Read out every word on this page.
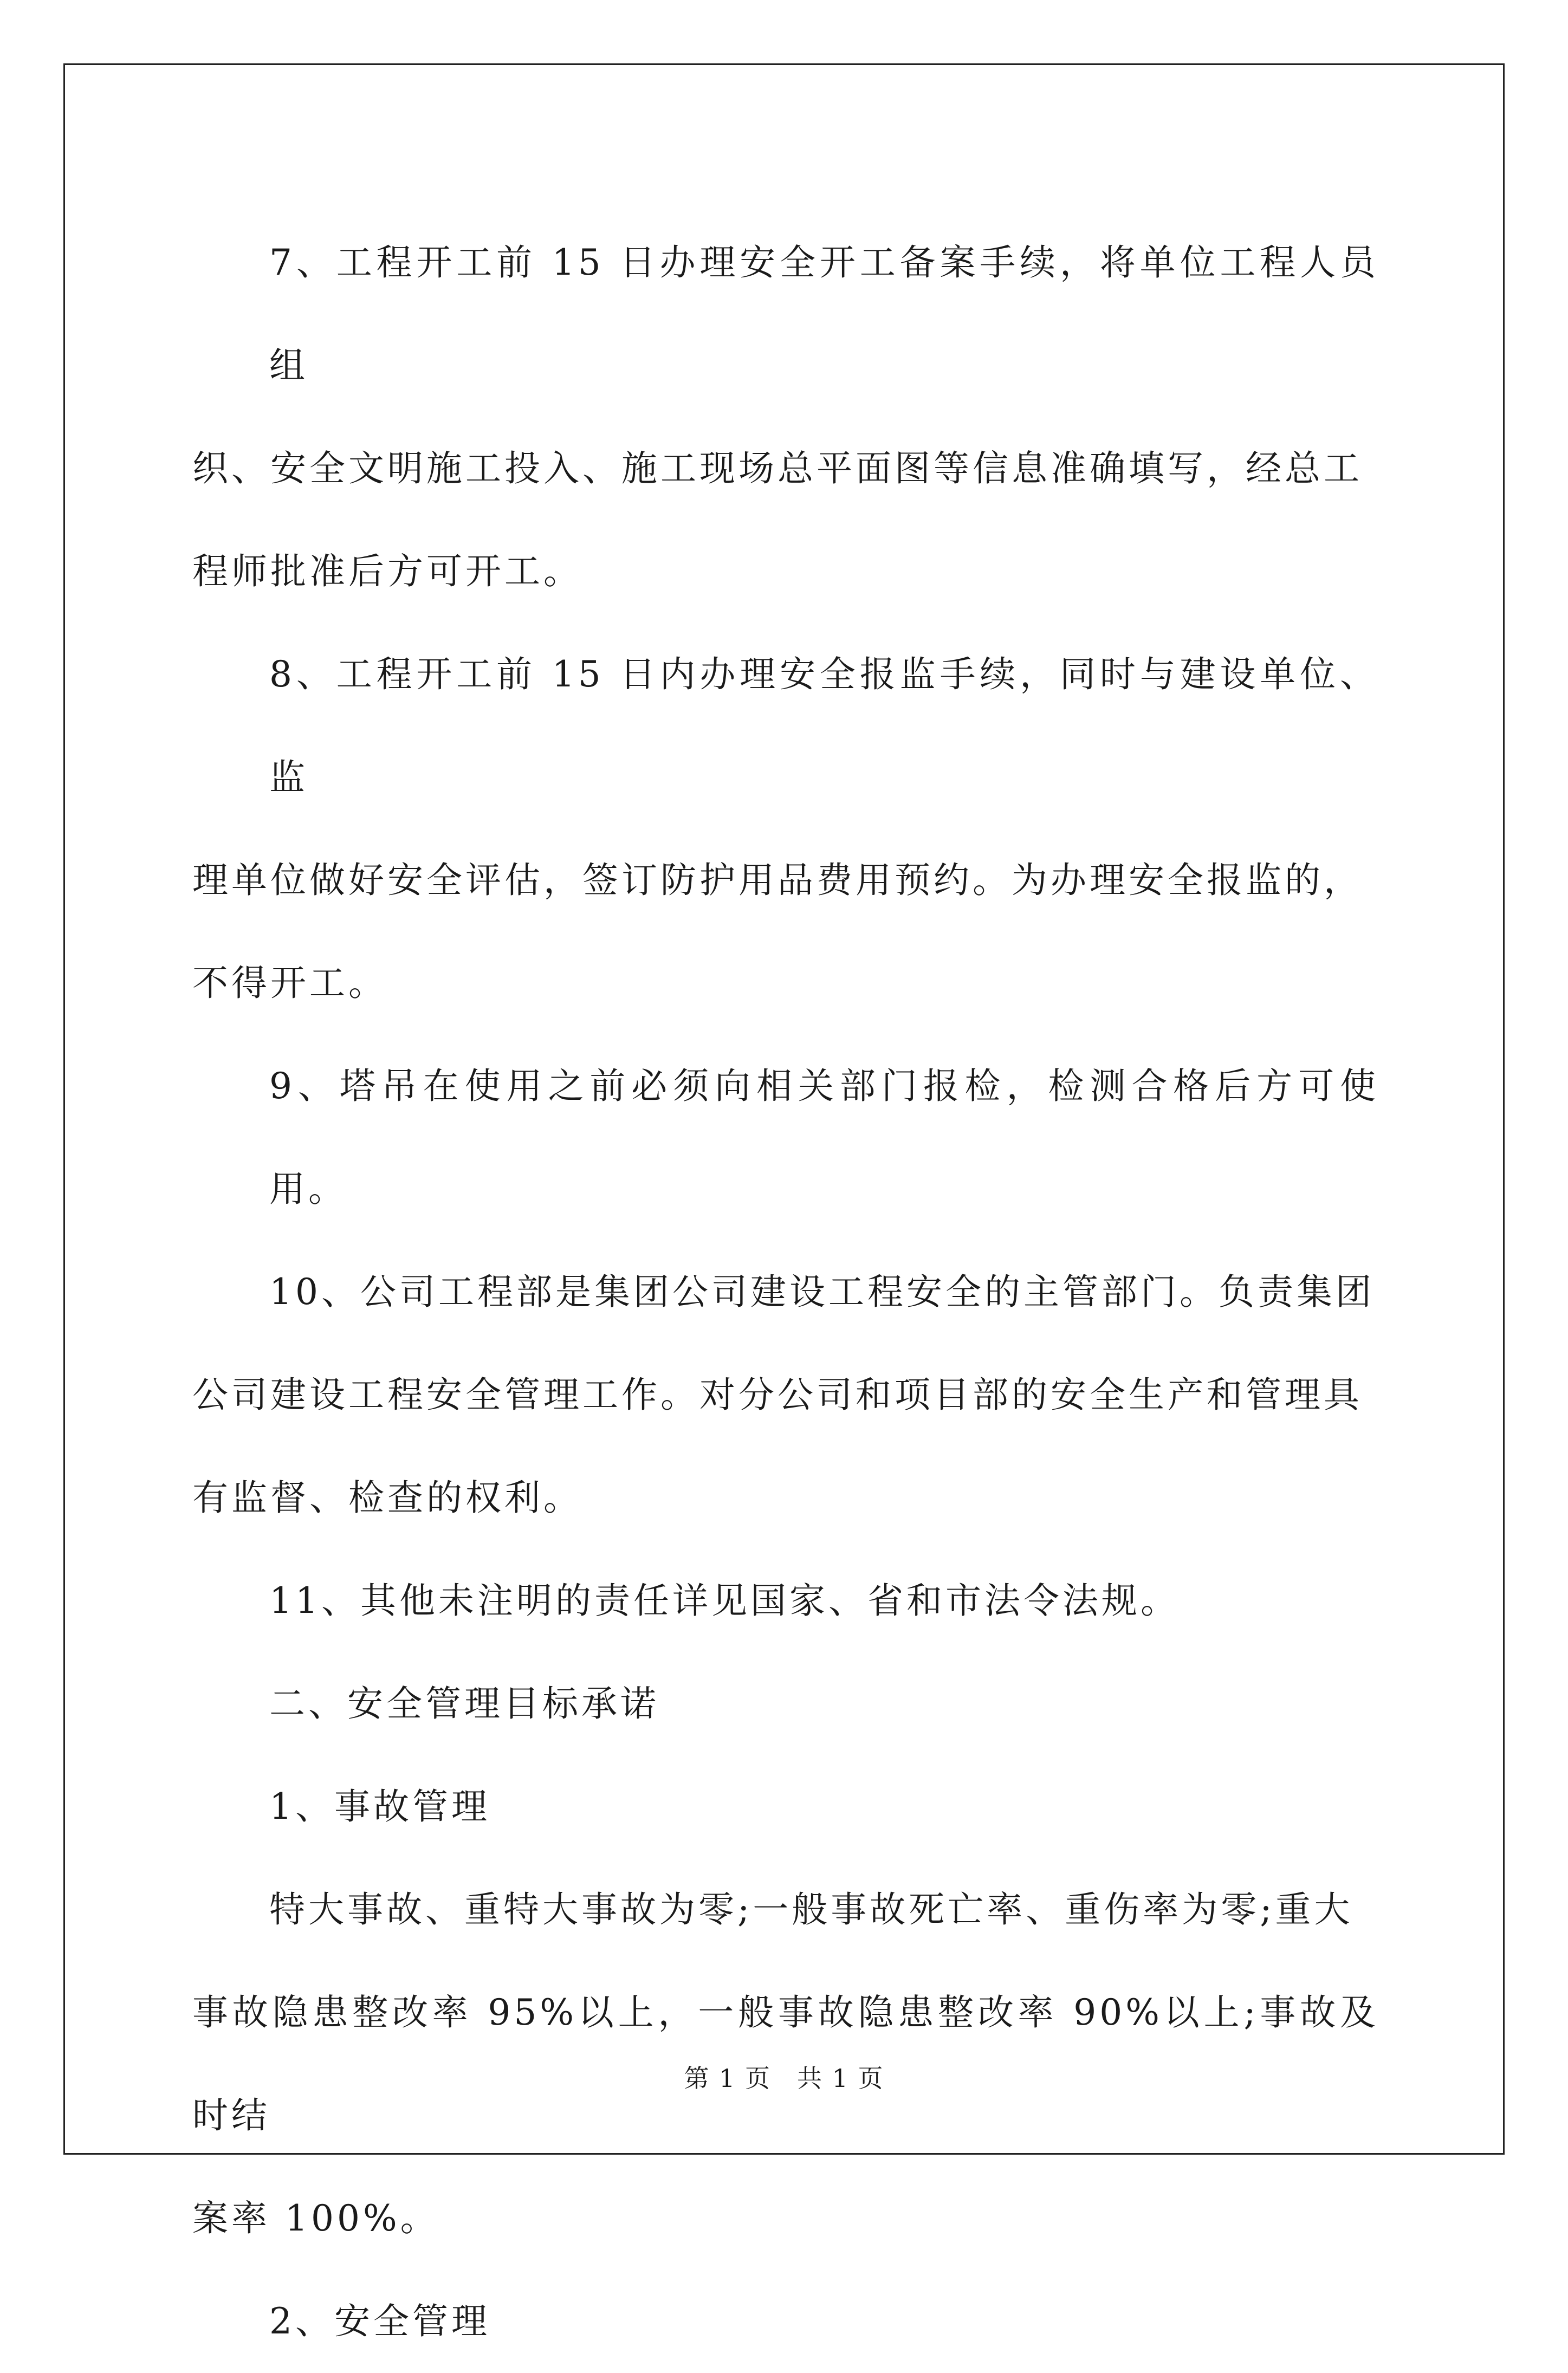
7、工程开工前 15 日办理安全开工备案手续，将单位工程人员组
织、安全文明施工投入、施工现场总平面图等信息准确填写，经总工
程师批准后方可开工。

8、工程开工前 15 日内办理安全报监手续，同时与建设单位、监
理单位做好安全评估，签订防护用品费用预约。为办理安全报监的，
不得开工。

9、塔吊在使用之前必须向相关部门报检，检测合格后方可使用。

10、公司工程部是集团公司建设工程安全的主管部门。负责集团
公司建设工程安全管理工作。对分公司和项目部的安全生产和管理具
有监督、检查的权利。

11、其他未注明的责任详见国家、省和市法令法规。

二、安全管理目标承诺

1、事故管理

特大事故、重特大事故为零;一般事故死亡率、重伤率为零;重大
事故隐患整改率 95%以上，一般事故隐患整改率 90%以上;事故及时结
案率 100%。

2、安全管理

第 1 页 共 1 页
